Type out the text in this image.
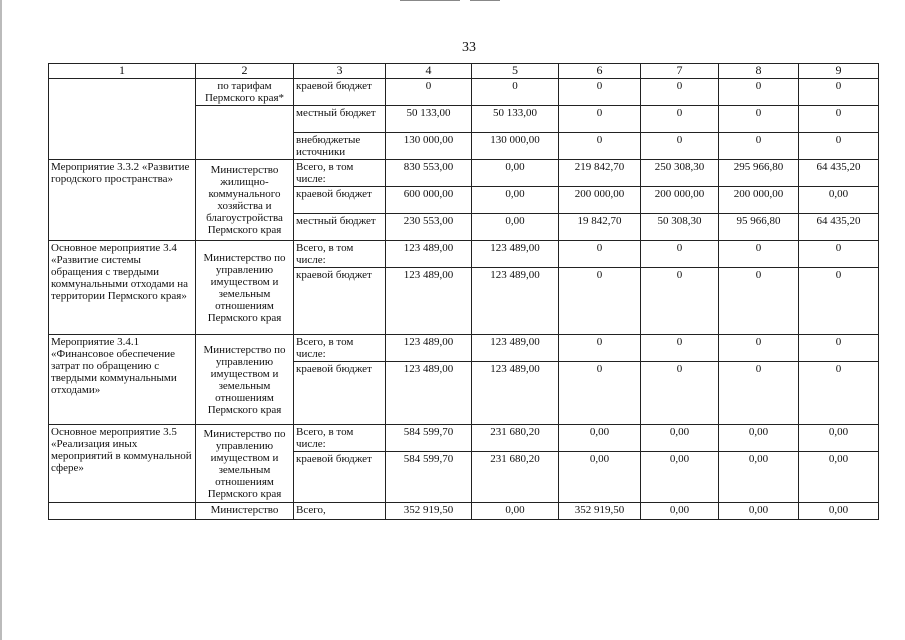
33
1	2	3	4	5	6	7	8	9
	по тарифам Пермского края*	краевой бюджет	0	0	0	0	0	0
		местный бюджет	50 133,00	50 133,00	0	0	0	0
		внебюджетые источники	130 000,00	130 000,00	0	0	0	0
Мероприятие 3.3.2 «Развитие городского пространства»	Министерство жилищно-коммунального хозяйства и благоустройства Пермского края	Всего, в том числе:	830 553,00	0,00	219 842,70	250 308,30	295 966,80	64 435,20
		краевой бюджет	600 000,00	0,00	200 000,00	200 000,00	200 000,00	0,00
		местный бюджет	230 553,00	0,00	19 842,70	50 308,30	95 966,80	64 435,20
Основное мероприятие 3.4 «Развитие системы обращения с твердыми коммунальными отходами на территории Пермского края»	Министерство по управлению имуществом и земельным отношениям Пермского края	Всего, в том числе:	123 489,00	123 489,00	0	0	0	0
		краевой бюджет	123 489,00	123 489,00	0	0	0	0
Мероприятие 3.4.1 «Финансовое обеспечение затрат по обращению с твердыми коммунальными отходами»	Министерство по управлению имуществом и земельным отношениям Пермского края	Всего, в том числе:	123 489,00	123 489,00	0	0	0	0
		краевой бюджет	123 489,00	123 489,00	0	0	0	0
Основное мероприятие 3.5 «Реализация иных мероприятий в коммунальной сфере»	Министерство по управлению имуществом и земельным отношениям Пермского края	Всего, в том числе:	584 599,70	231 680,20	0,00	0,00	0,00	0,00
		краевой бюджет	584 599,70	231 680,20	0,00	0,00	0,00	0,00
	Министерство	Всего,	352 919,50	0,00	352 919,50	0,00	0,00	0,00
